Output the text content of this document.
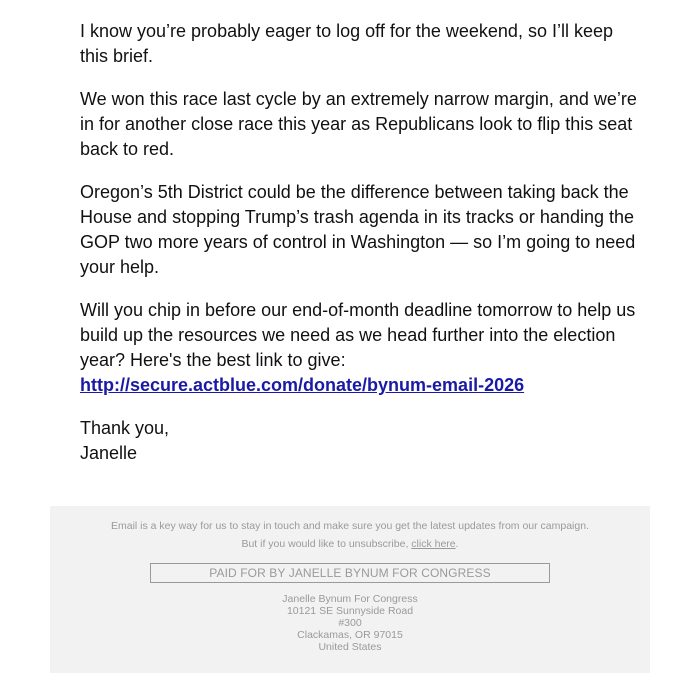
I know you’re probably eager to log off for the weekend, so I’ll keep this brief.

We won this race last cycle by an extremely narrow margin, and we’re in for another close race this year as Republicans look to flip this seat back to red.

Oregon’s 5th District could be the difference between taking back the House and stopping Trump’s trash agenda in its tracks or handing the GOP two more years of control in Washington — so I’m going to need your help.

Will you chip in before our end-of-month deadline tomorrow to help us build up the resources we need as we head further into the election year? Here's the best link to give:
http://secure.actblue.com/donate/bynum-email-2026

Thank you,
Janelle

Email is a key way for us to stay in touch and make sure you get the latest updates from our campaign.
But if you would like to unsubscribe, click here.
PAID FOR BY JANELLE BYNUM FOR CONGRESS
Janelle Bynum For Congress
10121 SE Sunnyside Road
#300
Clackamas, OR 97015
United States
